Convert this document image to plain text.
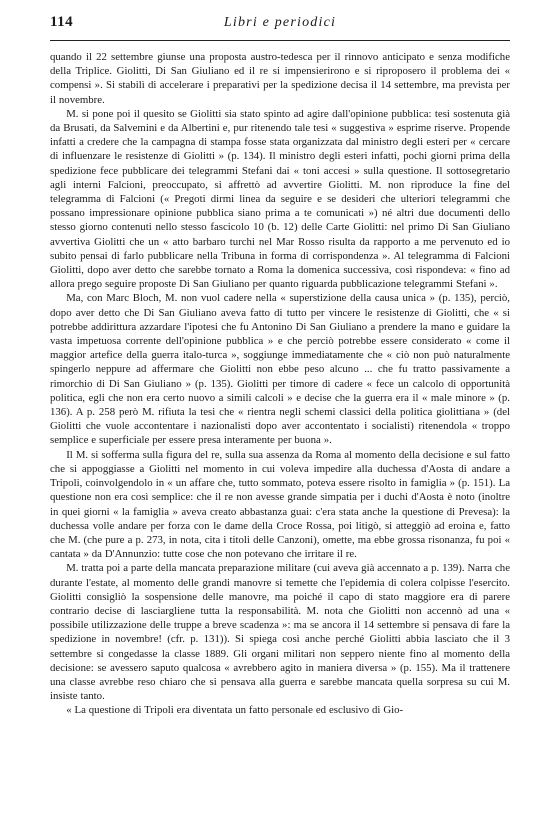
114	Libri e periodici

quando il 22 settembre giunse una proposta austro-tedesca per il rinnovo anticipato e senza modifiche della Triplice. Giolitti, Di San Giuliano ed il re si impensierirono e si riproposero il problema dei « compensi ». Si stabilì di accelerare i preparativi per la spedizione decisa il 14 settembre, ma prevista per il novembre.

M. si pone poi il quesito se Giolitti sia stato spinto ad agire dall'opinione pubblica: tesi sostenuta già da Brusati, da Salvemini e da Albertini e, pur ritenendo tale tesi « suggestiva » esprime riserve. Propende infatti a credere che la campagna di stampa fosse stata organizzata dal ministro degli esteri per « cercare di influenzare le resistenze di Giolitti » (p. 134). Il ministro degli esteri infatti, pochi giorni prima della spedizione fece pubblicare dei telegrammi Stefani dai « toni accesi » sulla questione. Il sottosegretario agli interni Falcioni, preoccupato, si affrettò ad avvertire Giolitti. M. non riproduce la fine del telegramma di Falcioni (« Pregoti dirmi linea da seguire e se desideri che ulteriori telegrammi che possano impressionare opinione pubblica siano prima a te comunicati ») né altri due documenti dello stesso giorno contenuti nello stesso fascicolo 10 (b. 12) delle Carte Giolitti: nel primo Di San Giuliano avvertiva Giolitti che un « atto barbaro turchi nel Mar Rosso risulta da rapporto a me pervenuto ed io subito pensai di farlo pubblicare nella Tribuna in forma di corrispondenza ». Al telegramma di Falcioni Giolitti, dopo aver detto che sarebbe tornato a Roma la domenica successiva, così rispondeva: « fino ad allora prego seguire proposte Di San Giuliano per quanto riguarda pubblicazione telegrammi Stefani ».

Ma, con Marc Bloch, M. non vuol cadere nella « superstizione della causa unica » (p. 135), perciò, dopo aver detto che Di San Giuliano aveva fatto di tutto per vincere le resistenze di Giolitti, che « si potrebbe addirittura azzardare l'ipotesi che fu Antonino Di San Giuliano a prendere la mano e guidare la vasta impetuosa corrente dell'opinione pubblica » e che perciò potrebbe essere considerato « come il maggior artefice della guerra italo-turca », soggiunge immediatamente che « ciò non può naturalmente spingerlo neppure ad affermare che Giolitti non ebbe peso alcuno ... che fu tratto passivamente a rimorchio di Di San Giuliano » (p. 135). Giolitti per timore di cadere « fece un calcolo di opportunità politica, egli che non era certo nuovo a simili calcoli » e decise che la guerra era il « male minore » (p. 136). A p. 258 però M. rifiuta la tesi che « rientra negli schemi classici della politica giolittiana » (del Giolitti che vuole accontentare i nazionalisti dopo aver accontentato i socialisti) ritenendola « troppo semplice e superficiale per essere presa interamente per buona ».

Il M. si sofferma sulla figura del re, sulla sua assenza da Roma al momento della decisione e sul fatto che si appoggiasse a Giolitti nel momento in cui voleva impedire alla duchessa d'Aosta di andare a Tripoli, coinvolgendolo in « un affare che, tutto sommato, poteva essere risolto in famiglia » (p. 151). La questione non era così semplice: che il re non avesse grande simpatia per i duchi d'Aosta è noto (inoltre in quei giorni « la famiglia » aveva creato abbastanza guai: c'era stata anche la questione di Prevesa): la duchessa volle andare per forza con le dame della Croce Rossa, poi litigò, si atteggiò ad eroina e, fatto che M. (che pure a p. 273, in nota, cita i titoli delle Canzoni), omette, ma ebbe grossa risonanza, fu poi « cantata » da D'Annunzio: tutte cose che non potevano che irritare il re.

M. tratta poi a parte della mancata preparazione militare (cui aveva già accennato a p. 139). Narra che durante l'estate, al momento delle grandi manovre si temette che l'epidemia di colera colpisse l'esercito. Giolitti consigliò la sospensione delle manovre, ma poiché il capo di stato maggiore era di parere contrario decise di lasciargliene tutta la responsabilità. M. nota che Giolitti non accennò ad una « possibile utilizzazione delle truppe a breve scadenza »: ma se ancora il 14 settembre si pensava di fare la spedizione in novembre! (cfr. p. 131)). Si spiega così anche perché Giolitti abbia lasciato che il 3 settembre si congedasse la classe 1889. Gli organi militari non seppero niente fino al momento della decisione: se avessero saputo qualcosa « avrebbero agito in maniera diversa » (p. 155). Ma il trattenere una classe avrebbe reso chiaro che si pensava alla guerra e sarebbe mancata quella sorpresa su cui M. insiste tanto.

« La questione di Tripoli era diventata un fatto personale ed esclusivo di Gio-
